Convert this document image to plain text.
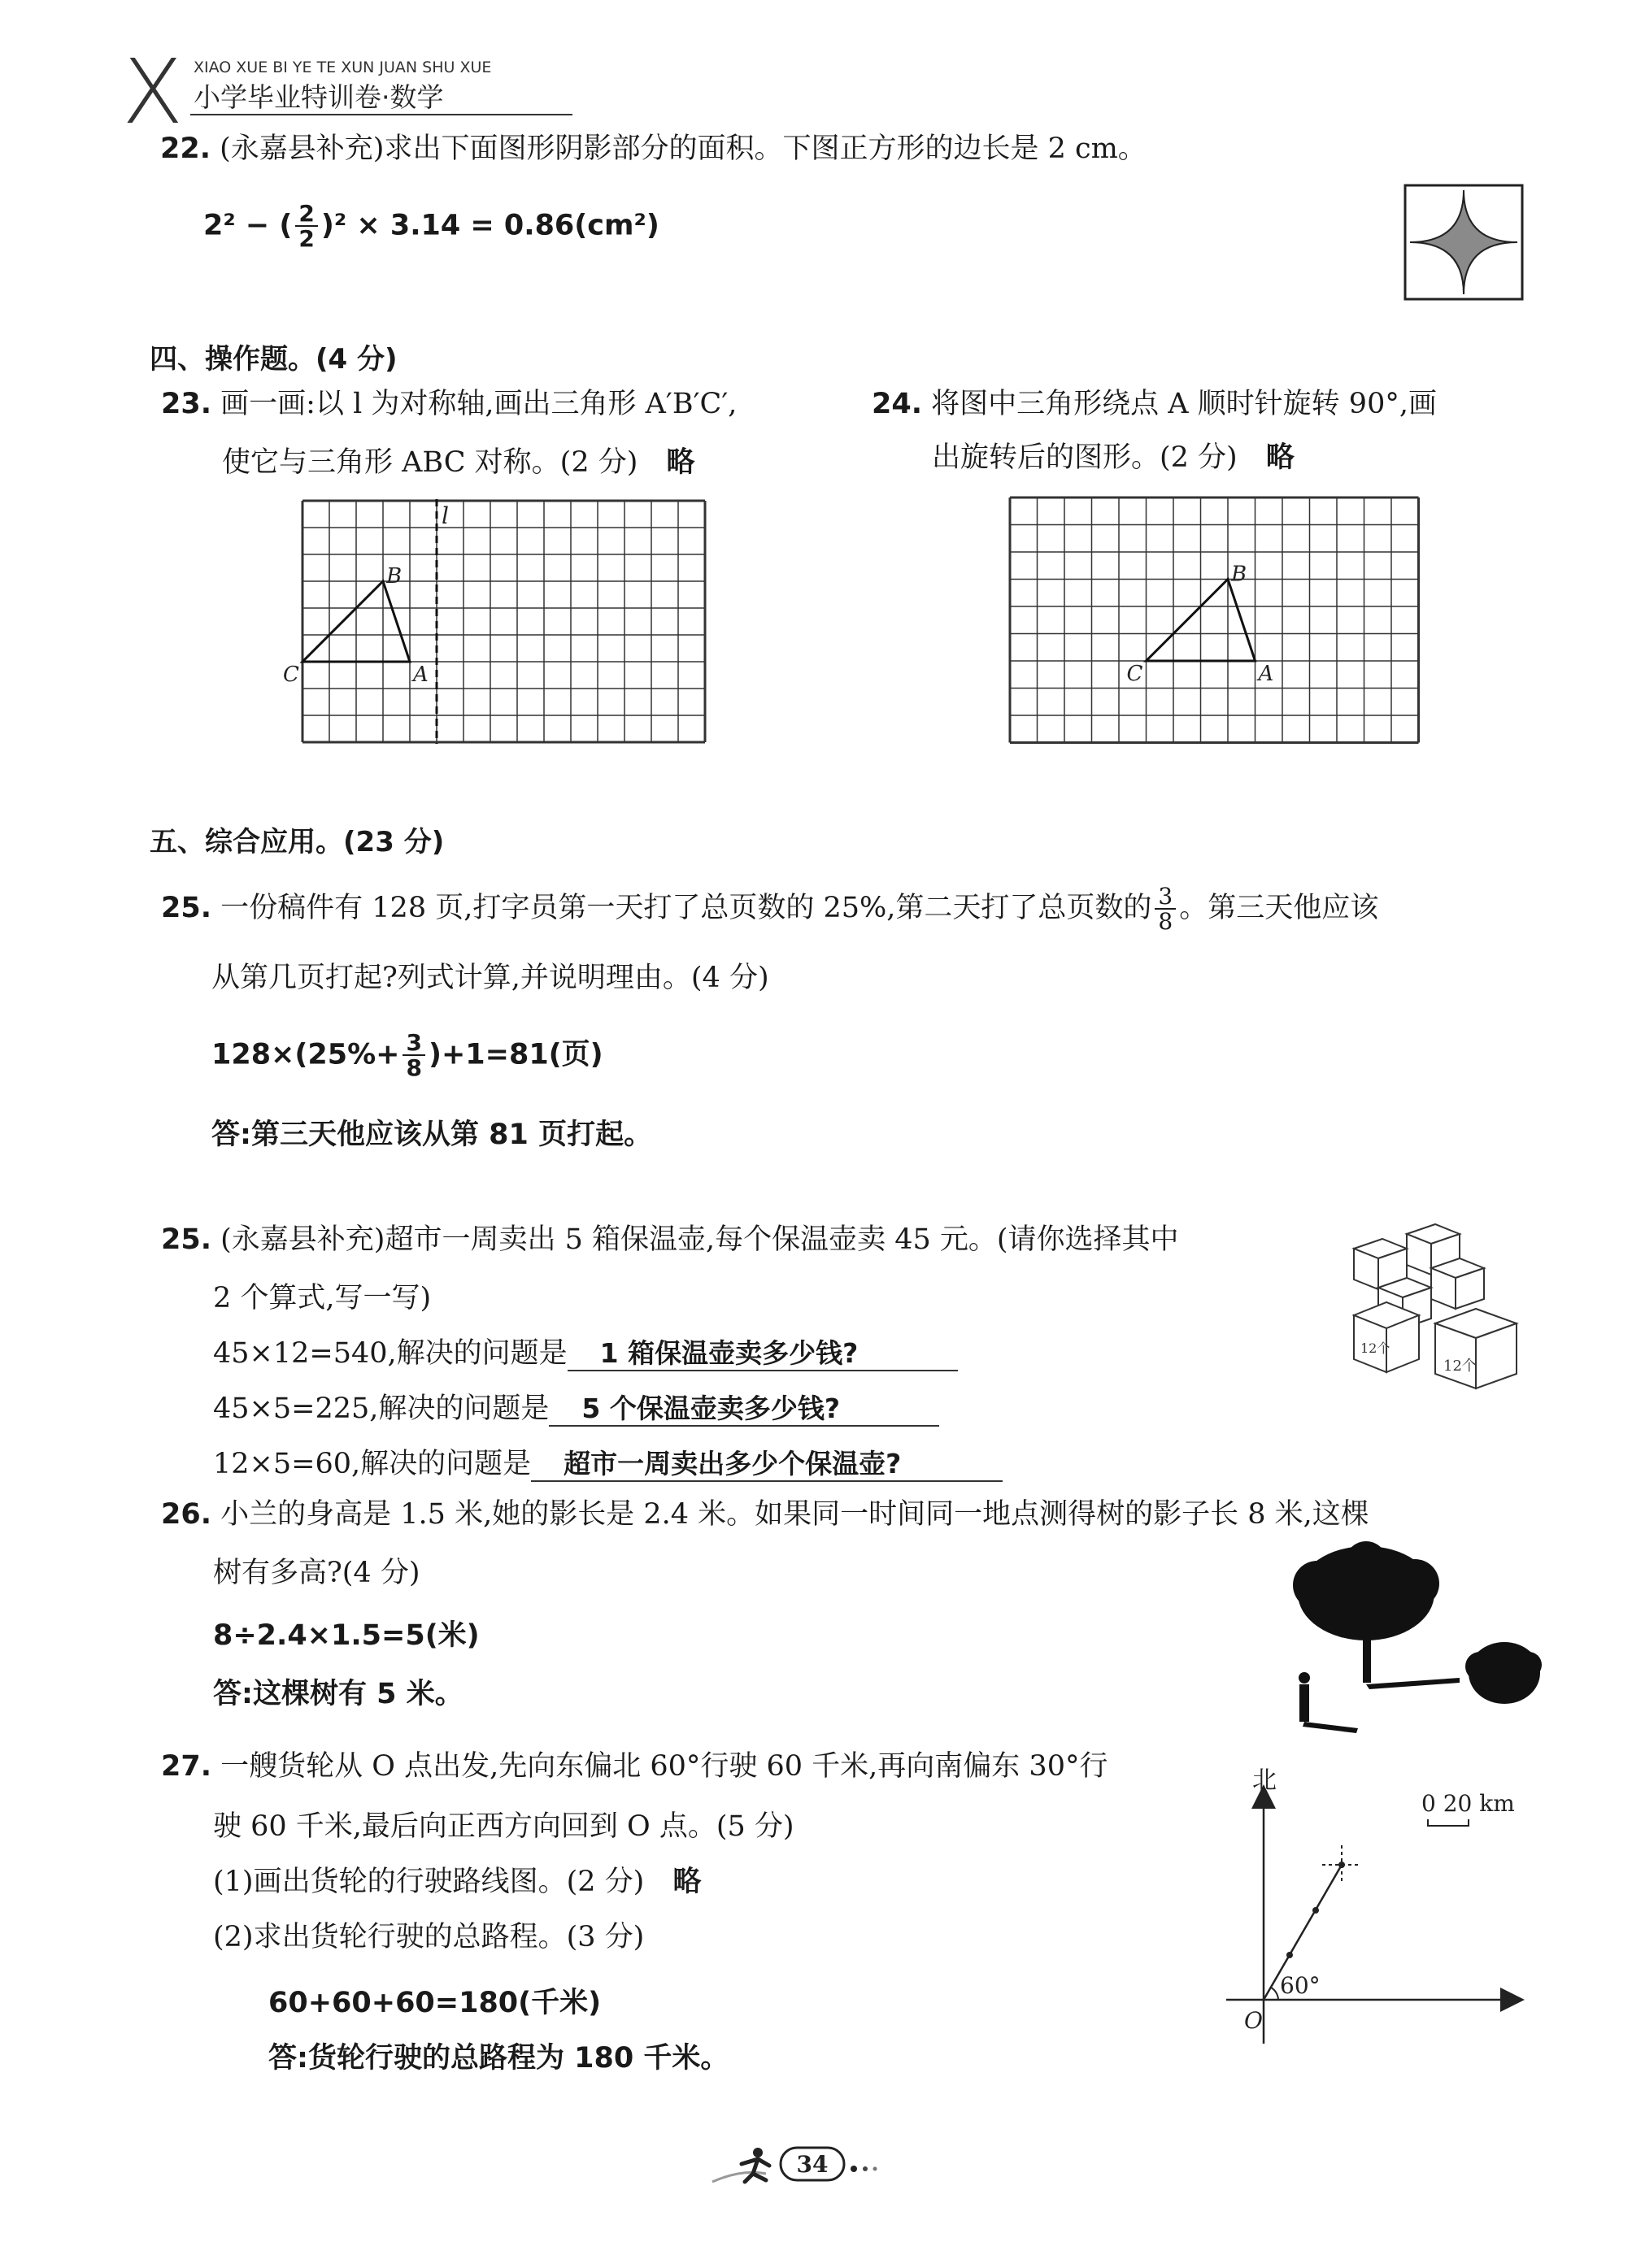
X XIAO XUE BI YE TE XUN JUAN SHU XUE
小学毕业特训卷·数学
22. (永嘉县补充)求出下面图形阴影部分的面积。下图正方形的边长是 2 cm。
2² − ( $\frac{2}{2} )^2 \times 3.14 = 0.86(cm^2)$
四、操作题。(4 分)
23. 画一画:以 l 为对称轴,画出三角形 A′B′C′,
使它与三角形 ABC 对称。(2 分) 略
l
A
B
C
24. 将图中三角形绕点 A 顺时针旋转 90°,画
出旋转后的图形。(2 分) 略
A
B
C
五、综合应用。(23 分)
25. 一份稿件有 128 页,打字员第一天打了总页数的 25%,第二天打了总页数的 $\frac{3}{8}$ 。第三天他应该
从第几页打起?列式计算,并说明理由。(4 分)
$128\times(25\%+ \frac{3}{8} )+1=81$(页)
答:第三天他应该从第 81 页打起。
25. (永嘉县补充)超市一周卖出 5 箱保温壶,每个保温壶卖 45 元。(请你选择其中
2 个算式,写一写)
45×12=540,解决的问题是 1 箱保温壶卖多少钱?
45×5=225,解决的问题是 5 个保温壶卖多少钱?
12×5=60,解决的问题是 超市一周卖出多少个保温壶?
12个
12个
26. 小兰的身高是 1.5 米,她的影长是 2.4 米。如果同一时间同一地点测得树的影子长 8 米,这棵
树有多高?(4 分)
8÷2.4×1.5=5(米)
答:这棵树有 5 米。
27. 一艘货轮从 O 点出发,先向东偏北 60°行驶 60 千米,再向南偏东 30°行
驶 60 千米,最后向正西方向回到 O 点。(5 分)
(1)画出货轮的行驶路线图。(2 分) 略
(2)求出货轮行驶的总路程。(3 分)
60+60+60=180(千米)
答:货轮行驶的总路程为 180 千米。
北
0 20 km
60°
O
34
